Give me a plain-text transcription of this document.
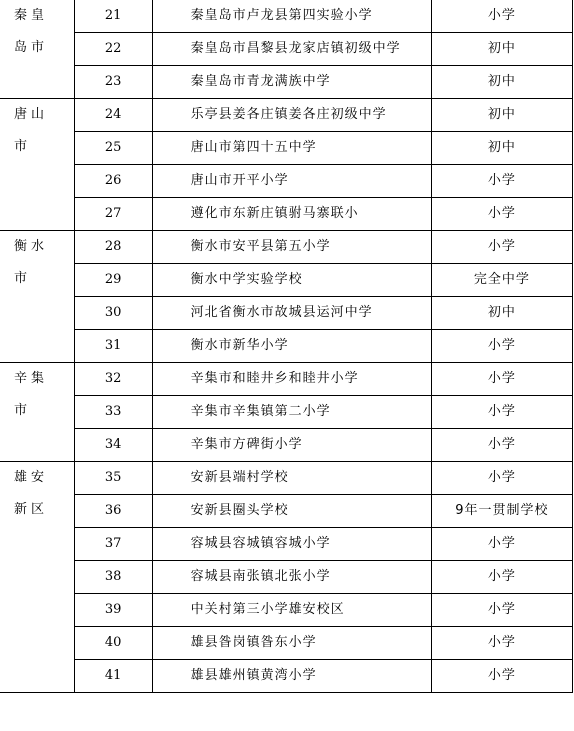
秦皇岛市	21	秦皇岛市卢龙县第四实验小学	小学
	22	秦皇岛市昌黎县龙家店镇初级中学	初中
	23	秦皇岛市青龙满族中学	初中

唐山市	24	乐亭县姜各庄镇姜各庄初级中学	初中
	25	唐山市第四十五中学	初中
	26	唐山市开平小学	小学
	27	遵化市东新庄镇驸马寨联小	小学

衡水市	28	衡水市安平县第五小学	小学
	29	衡水中学实验学校	完全中学
	30	河北省衡水市故城县运河中学	初中
	31	衡水市新华小学	小学

辛集市	32	辛集市和睦井乡和睦井小学	小学
	33	辛集市辛集镇第二小学	小学
	34	辛集市方碑街小学	小学

雄安新区	35	安新县端村学校	小学
	36	安新县圈头学校	9年一贯制学校

	37	容城县容城镇容城小学	小学
	38	容城县南张镇北张小学	小学
	39	中关村第三小学雄安校区	小学
	40	雄县昝岗镇昝东小学	小学
	41	雄县雄州镇黄湾小学	小学
